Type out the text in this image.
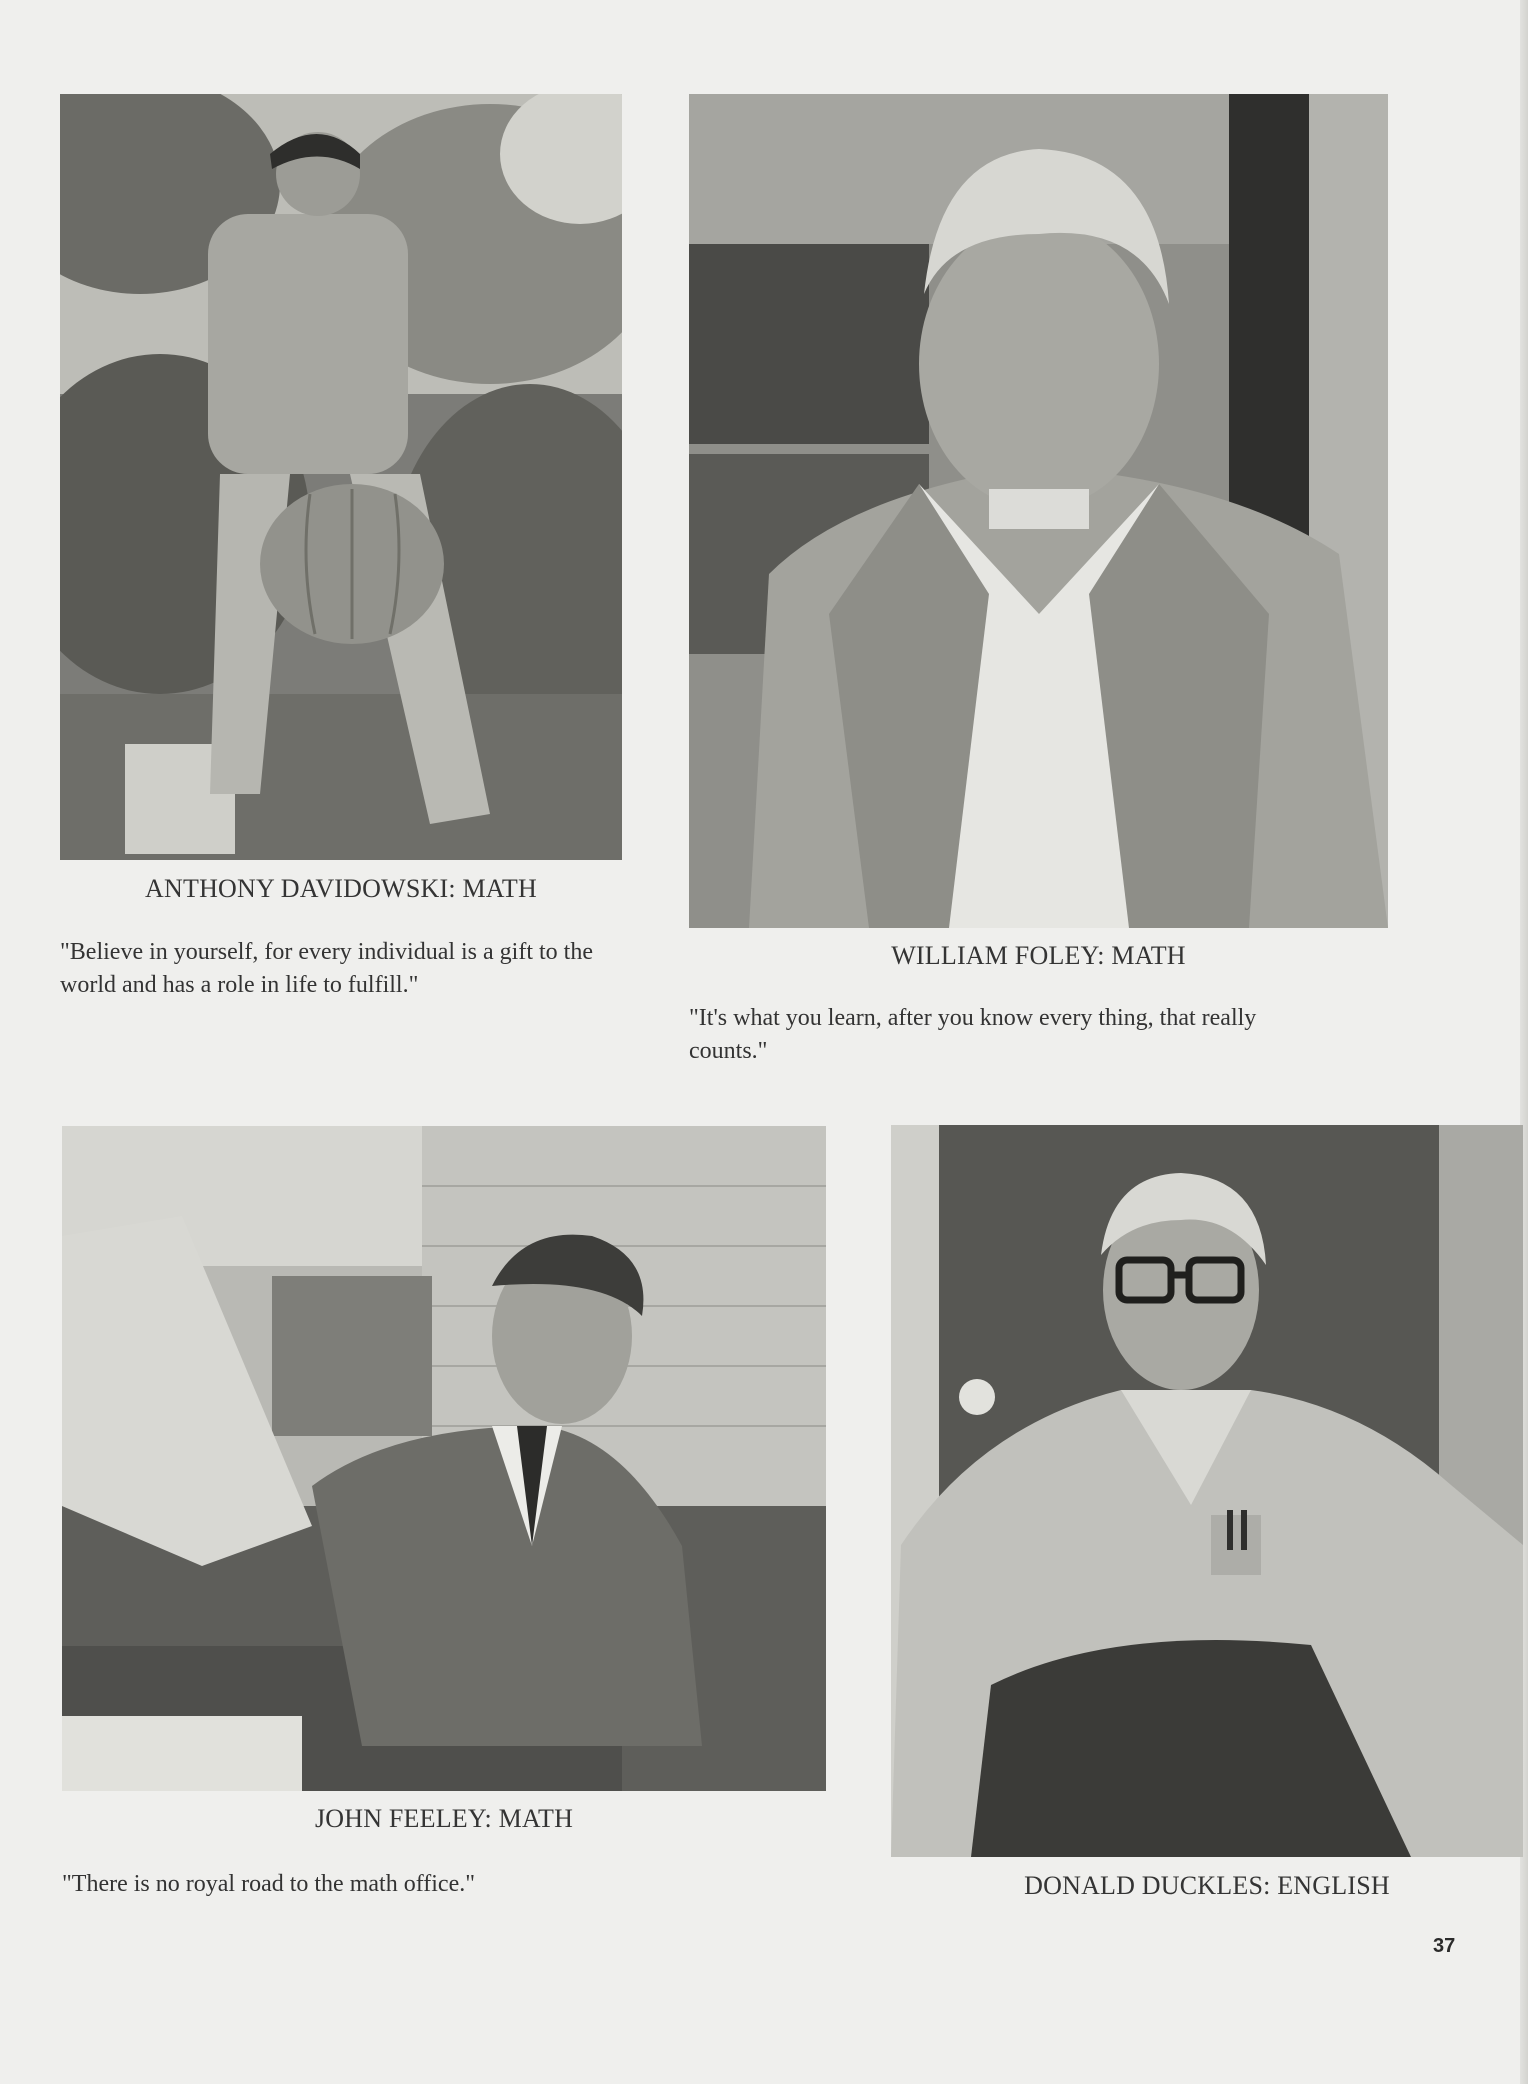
ANTHONY DAVIDOWSKI: MATH
"Believe in yourself, for every individual is a gift to the world and has a role in life to fulfill."
WILLIAM FOLEY: MATH
"It's what you learn, after you know every thing, that really counts."
JOHN FEELEY: MATH
"There is no royal road to the math office."	DONALD DUCKLES: ENGLISH
37
